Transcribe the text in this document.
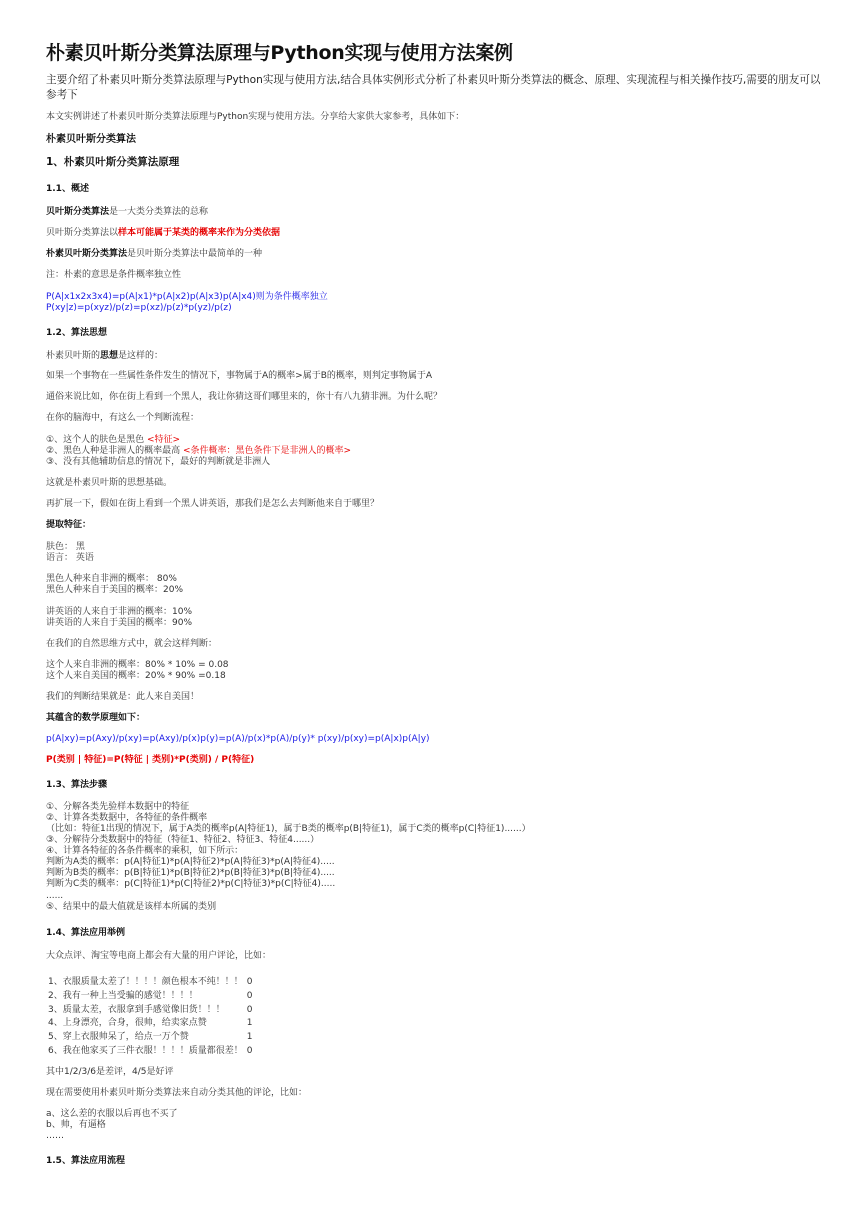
朴素贝叶斯分类算法原理与Python实现与使用方法案例
主要介绍了朴素贝叶斯分类算法原理与Python实现与使用方法,结合具体实例形式分析了朴素贝叶斯分类算法的概念、原理、实现流程与相关操作技巧,需要的朋友可以参考下
本文实例讲述了朴素贝叶斯分类算法原理与Python实现与使用方法。分享给大家供大家参考，具体如下：
朴素贝叶斯分类算法
1、朴素贝叶斯分类算法原理
1.1、概述
贝叶斯分类算法是一大类分类算法的总称
贝叶斯分类算法以样本可能属于某类的概率来作为分类依据
朴素贝叶斯分类算法是贝叶斯分类算法中最简单的一种
注：朴素的意思是条件概率独立性
P(A|x1x2x3x4)=p(A|x1)*p(A|x2)p(A|x3)p(A|x4)则为条件概率独立
P(xy|z)=p(xyz)/p(z)=p(xz)/p(z)*p(yz)/p(z)
1.2、算法思想
朴素贝叶斯的思想是这样的：
如果一个事物在一些属性条件发生的情况下，事物属于A的概率>属于B的概率，则判定事物属于A
通俗来说比如，你在街上看到一个黑人，我让你猜这哥们哪里来的，你十有八九猜非洲。为什么呢？
在你的脑海中，有这么一个判断流程：
①、这个人的肤色是黑色 <特征>
②、黑色人种是非洲人的概率最高 <条件概率：黑色条件下是非洲人的概率>
③、没有其他辅助信息的情况下，最好的判断就是非洲人
这就是朴素贝叶斯的思想基础。
再扩展一下，假如在街上看到一个黑人讲英语，那我们是怎么去判断他来自于哪里？
提取特征：
肤色： 黑
语言： 英语
黑色人种来自非洲的概率： 80%
黑色人种来自于美国的概率：20%
讲英语的人来自于非洲的概率：10%
讲英语的人来自于美国的概率：90%
在我们的自然思维方式中，就会这样判断：
这个人来自非洲的概率：80% * 10% = 0.08
这个人来自美国的概率：20% * 90% =0.18
我们的判断结果就是：此人来自美国！
其蕴含的数学原理如下：
p(A|xy)=p(Axy)/p(xy)=p(Axy)/p(x)p(y)=p(A)/p(x)*p(A)/p(y)* p(xy)/p(xy)=p(A|x)p(A|y)
P(类别 | 特征)=P(特征 | 类别)*P(类别) / P(特征)
1.3、算法步骤
①、分解各类先验样本数据中的特征
②、计算各类数据中，各特征的条件概率
（比如：特征1出现的情况下，属于A类的概率p(A|特征1)，属于B类的概率p(B|特征1)，属于C类的概率p(C|特征1)......）
③、分解待分类数据中的特征（特征1、特征2、特征3、特征4......）
④、计算各特征的各条件概率的乘积，如下所示：
判断为A类的概率：p(A|特征1)*p(A|特征2)*p(A|特征3)*p(A|特征4).....
判断为B类的概率：p(B|特征1)*p(B|特征2)*p(B|特征3)*p(B|特征4).....
判断为C类的概率：p(C|特征1)*p(C|特征2)*p(C|特征3)*p(C|特征4).....
......
⑤、结果中的最大值就是该样本所属的类别
1.4、算法应用举例
大众点评、淘宝等电商上都会有大量的用户评论，比如：
1、衣服质量太差了！！！！颜色根本不纯！！！	0
2、我有一种上当受骗的感觉！！！！	0
3、质量太差，衣服拿到手感觉像旧货！！！	0
4、上身漂亮，合身，很帅，给卖家点赞	1
5、穿上衣服帅呆了，给点一万个赞	1
6、我在他家买了三件衣服！！！！质量都很差！	0
其中1/2/3/6是差评，4/5是好评
现在需要使用朴素贝叶斯分类算法来自动分类其他的评论，比如：
a、这么差的衣服以后再也不买了
b、帅，有逼格
……
1.5、算法应用流程
